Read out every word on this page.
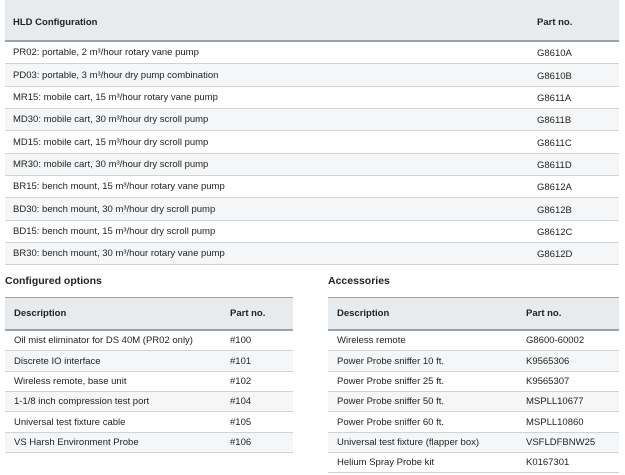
HLD Configuration	Part no.
PR02: portable, 2 m³/hour rotary vane pump	G8610A
PD03: portable, 3 m³/hour dry pump combination	G8610B
MR15: mobile cart, 15 m³/hour rotary vane pump	G8611A
MD30: mobile cart, 30 m³/hour dry scroll pump	G8611B
MD15: mobile cart, 15 m³/hour dry scroll pump	G8611C
MR30: mobile cart, 30 m³/hour dry scroll pump	G8611D
BR15: bench mount, 15 m³/hour rotary vane pump	G8612A
BD30: bench mount, 30 m³/hour dry scroll pump	G8612B
BD15: bench mount, 15 m³/hour dry scroll pump	G8612C
BR30: bench mount, 30 m³/hour rotary vane pump	G8612D
Configured options	Accessories
Description	Part no.
Oil mist eliminator for DS 40M (PR02 only)	#100
Discrete IO interface	#101
Wireless remote, base unit	#102
1-1/8 inch compression test port	#104
Universal test fixture cable	#105
VS Harsh Environment Probe	#106
Description	Part no.
Wireless remote	G8600-60002
Power Probe sniffer 10 ft.	K9565306
Power Probe sniffer 25 ft.	K9565307
Power Probe sniffer 50 ft.	MSPLL10677
Power Probe sniffer 60 ft.	MSPLL10860
Universal test fixture (flapper box)	VSFLDFBNW25
Helium Spray Probe kit	K0167301
